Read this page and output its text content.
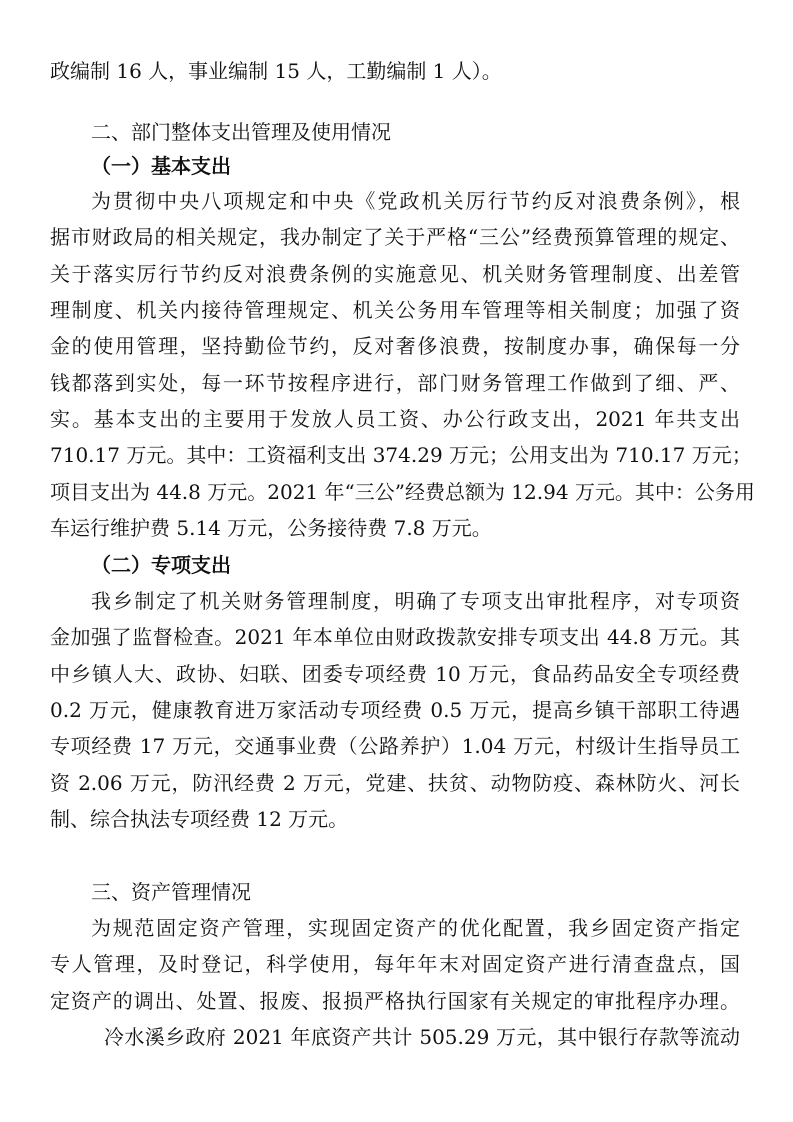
政编制 16 人，事业编制 15 人，工勤编制 1 人）。
二、部门整体支出管理及使用情况
（一）基本支出
为贯彻中央八项规定和中央《党政机关厉行节约反对浪费条例》，根
据市财政局的相关规定，我办制定了关于严格“三公”经费预算管理的规定、
关于落实厉行节约反对浪费条例的实施意见、机关财务管理制度、出差管
理制度、机关内接待管理规定、机关公务用车管理等相关制度；加强了资
金的使用管理，坚持勤俭节约，反对奢侈浪费，按制度办事，确保每一分
钱都落到实处，每一环节按程序进行，部门财务管理工作做到了细、严、
实。基本支出的主要用于发放人员工资、办公行政支出，2021 年共支出
710.17 万元。其中：工资福利支出 374.29 万元；公用支出为 710.17 万元；
项目支出为 44.8 万元。2021 年“三公”经费总额为 12.94 万元。其中：公务用
车运行维护费 5.14 万元，公务接待费 7.8 万元。
（二）专项支出
我乡制定了机关财务管理制度，明确了专项支出审批程序，对专项资
金加强了监督检查。2021 年本单位由财政拨款安排专项支出 44.8 万元。其
中乡镇人大、政协、妇联、团委专项经费 10 万元，食品药品安全专项经费
0.2 万元，健康教育进万家活动专项经费 0.5 万元，提高乡镇干部职工待遇
专项经费 17 万元，交通事业费（公路养护）1.04 万元，村级计生指导员工
资 2.06 万元，防汛经费 2 万元，党建、扶贫、动物防疫、森林防火、河长
制、综合执法专项经费 12 万元。
三、资产管理情况
为规范固定资产管理，实现固定资产的优化配置，我乡固定资产指定
专人管理，及时登记，科学使用，每年年末对固定资产进行清查盘点，国
定资产的调出、处置、报废、报损严格执行国家有关规定的审批程序办理。
冷水溪乡政府 2021 年底资产共计 505.29 万元，其中银行存款等流动
